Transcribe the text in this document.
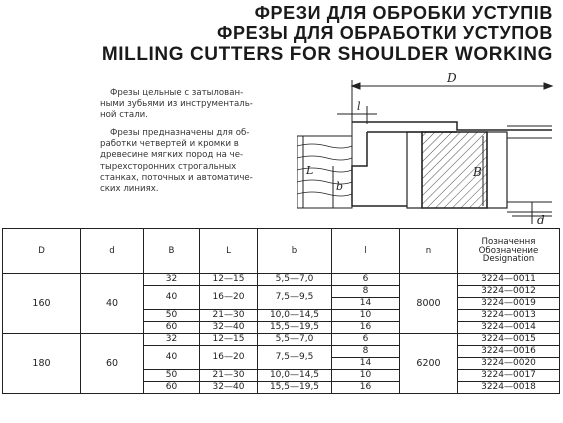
ФРЕЗИ ДЛЯ ОБРОБКИ УСТУПІВ
ФРЕЗЫ ДЛЯ ОБРАБОТКИ УСТУПОВ
MILLING CUTTERS FOR SHOULDER WORKING
Фрезы цельные с затылован-
ными зубьями из инструменталь-
ной стали.
Фрезы предназначены для об-
работки четвертей и кромки в
древесине мягких пород на че-
тырехсторонних строгальных
станках, поточных и автоматиче-
ских линиях.
D
l
L
b
B
d
D	d	B	L	b	l	n	Позначення
Обозначение
Designation

160	40	32	12—15	5,5—7,0	6	8000	3224—0011
		40	16—20	7,5—9,5	8		3224—0012
					14		3224—0019
		50	21—30	10,0—14,5	10		3224—0013
		60	32—40	15,5—19,5	16		3224—0014
180	60	32	12—15	5,5—7,0	6	6200	3224—0015
		40	16—20	7,5—9,5	8		3224—0016
					14		3224—0020
		50	21—30	10,0—14,5	10		3224—0017
		60	32—40	15,5—19,5	16		3224—0018
